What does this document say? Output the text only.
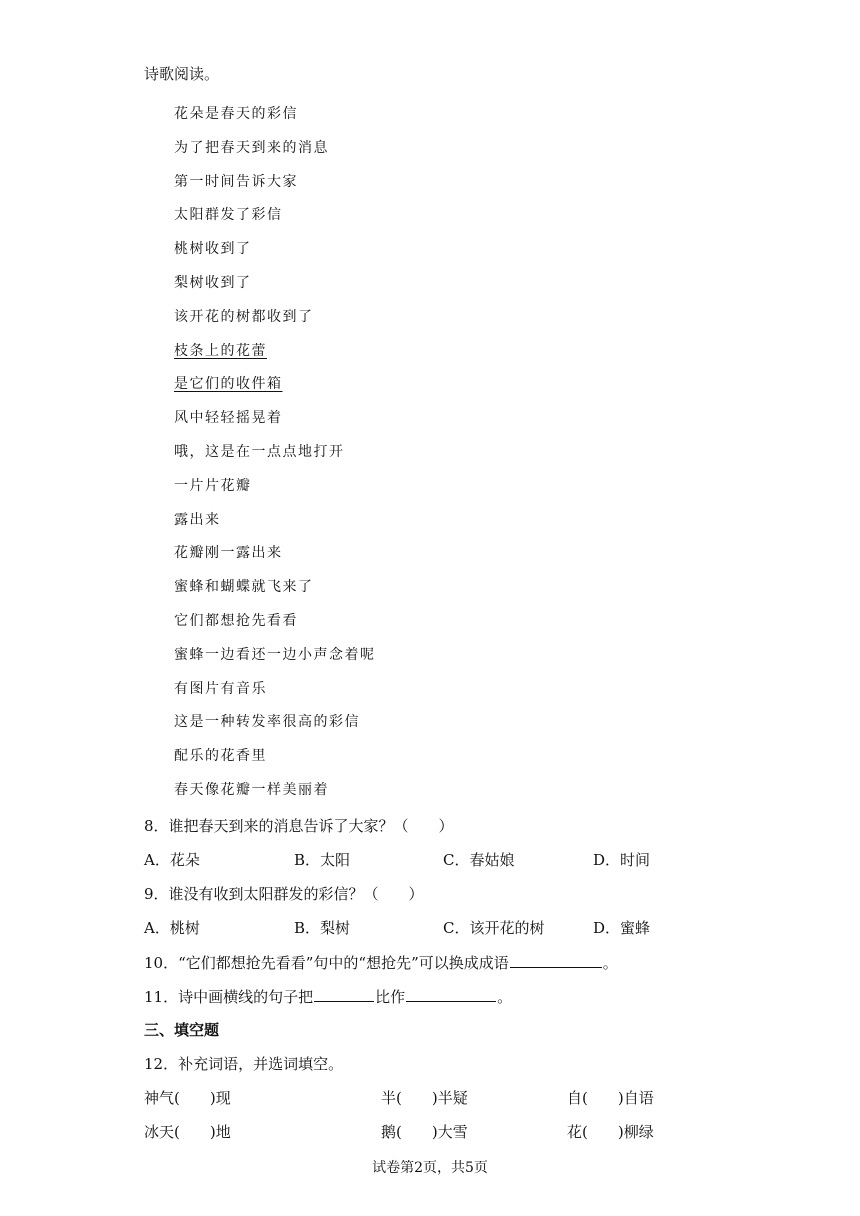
诗歌阅读。
花朵是春天的彩信
为了把春天到来的消息
第一时间告诉大家
太阳群发了彩信
桃树收到了
梨树收到了
该开花的树都收到了
枝条上的花蕾
是它们的收件箱
风中轻轻摇晃着
哦，这是在一点点地打开
一片片花瓣
露出来
花瓣刚一露出来
蜜蜂和蝴蝶就飞来了
它们都想抢先看看
蜜蜂一边看还一边小声念着呢
有图片有音乐
这是一种转发率很高的彩信
配乐的花香里
春天像花瓣一样美丽着
8．谁把春天到来的消息告诉了大家？（　　）
A．花朵	B．太阳	C．春姑娘	D．时间
9．谁没有收到太阳群发的彩信？（　　）
A．桃树	B．梨树	C．该开花的树	D．蜜蜂
10．“它们都想抢先看看”句中的“想抢先”可以换成成语	。
三、填空题
12．补充词语，并选词填空。
神气(　　)现	半(　　)半疑	自(　　)自语
冰天(　　)地	鹅(　　)大雪	花(　　)柳绿
试卷第2页，共5页
11．诗中画横线的句子把	比作	。
